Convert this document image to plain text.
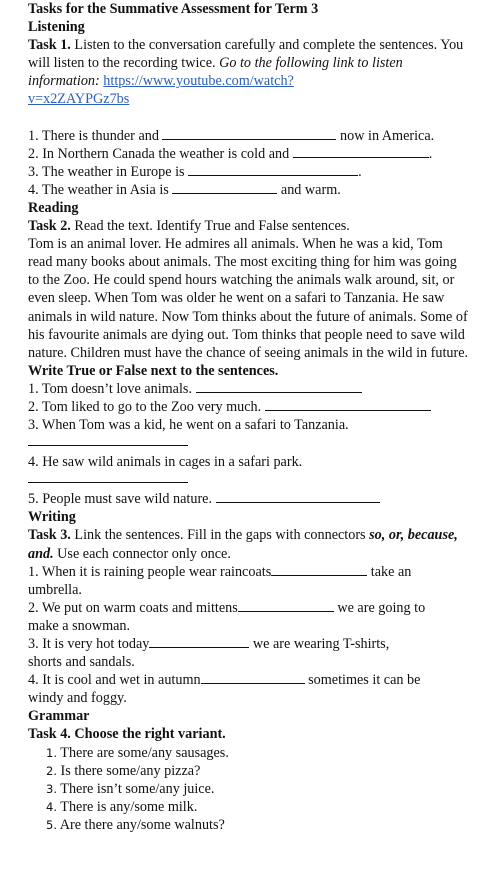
Tasks for the Summative Assessment for Term 3
Listening
Task 1. Listen to the conversation carefully and complete the sentences. You will listen to the recording twice. Go to the following link to listen information: https://www.youtube.com/watch?
v=x2ZAYPGz7bs
1. There is thunder and	now in America.
2. In Northern Canada the weather is cold and	.
3. The weather in Europe is	.
4. The weather in Asia is	and warm.
Reading
Task 2. Read the text. Identify True and False sentences.
Tom is an animal lover. He admires all animals. When he was a kid, Tom read many books about animals. The most exciting thing for him was going to the Zoo. He could spend hours watching the animals walk around, sit, or even sleep. When Tom was older he went on a safari to Tanzania. He saw animals in wild nature. Now Tom thinks about the future of animals. Some of his favourite animals are dying out. Tom thinks that people need to save wild nature. Children must have the chance of seeing animals in the wild in future.
Write True or False next to the sentences.
1. Tom doesn’t love animals.
2. Tom liked to go to the Zoo very much.
3. When Tom was a kid, he went on a safari to Tanzania.
4. He saw wild animals in cages in a safari park.
5. People must save wild nature.
Writing
Task 3. Link the sentences. Fill in the gaps with connectors so, or, because, and. Use each connector only once.
1. When it is raining people wear raincoats	take an
umbrella.
2. We put on warm coats and mittens	we are going to
make a snowman.
3. It is very hot today	we are wearing T-shirts,
shorts and sandals.
4. It is cool and wet in autumn	sometimes it can be
windy and foggy.
Grammar
Task 4. Choose the right variant.
1. There are some/any sausages.
2. Is there some/any pizza?
3. There isn’t some/any juice.
4. There is any/some milk.
5. Are there any/some walnuts?
